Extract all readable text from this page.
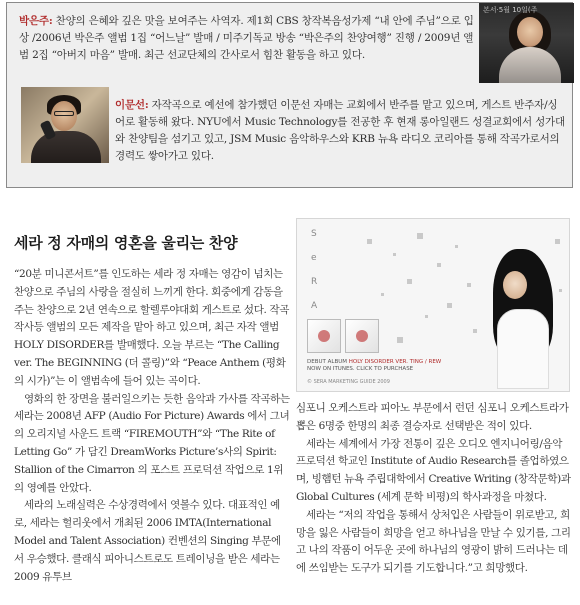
박은주: 찬양의 은혜와 깊은 맛을 보여주는 사역자. 제1회 CBS 창작복음성가제 “내 안에 주님”으로 입상 /2006년 박은주 앨범 1집 “어느날” 발매 / 미주기독교 방송 “박은주의 찬양여행” 진행 / 2009년 앨범 2집 “아버지 마음” 발매. 최근 선교단체의 간사로서 힘찬 활동을 하고 있다.
본서·5월 10일(주
이문선: 자작곡으로 예선에 참가했던 이문선 자매는 교회에서 반주를 맡고 있으며, 게스트 반주자/싱어로 활동해 왔다. NYU에서 Music Technology를 전공한 후 현재 롱아일랜드 성결교회에서 성가대와 찬양팀을 섬기고 있고, JSM Music 음악하우스와 KRB 뉴욕 라디오 코리아를 통해 작곡가로서의 경력도 쌓아가고 있다.
세라 정 자매의 영혼을 울리는 찬양	S
e
R
A
DEBUT ALBUM HOLY DISORDER VER. TING / REW
NOW ON ITUNES. CLICK TO PURCHASE
© SERA MARKETING GUIDE 2009

“20분 미니콘서트”를 인도하는 세라 정 자매는 영감이 넘치는 찬양으로 주님의 사랑을 절실히 느끼게 한다. 회중에게 감동을 주는 찬양으로 2년 연속으로 할렐루야대회 게스트로 섰다. 작곡 작사등 앨범의 모든 제작을 맡아 하고 있으며, 최근 자작 앨범 HOLY DISORDER를 발매했다. 오늘 부르는 “The Calling ver. The BEGINNING (더 콜링)”와 “Peace Anthem (평화의 시가)”는 이 앨범속에 들어 있는 곡이다.

영화의 한 장면을 불러일으키는 듯한 음악과 가사를 작곡하는 세라는 2008년 AFP (Audio For Picture) Awards 에서 그녀의 오리지널 사운드 트랙 “FIREMOUTH”와 “The Rite of Letting Go” 가 담긴 DreamWorks Picture’s사의 Spirit: Stallion of the Cimarron 의 포스트 프로덕션 작업으로 1위의 영예를 안았다.

세라의 노래실력은 수상경력에서 엿볼수 있다. 대표적인 예로, 세라는 헐리웃에서 개최된 2006 IMTA(International Model and Talent Association) 컨벤션의 Singing 부문에서 우승했다. 클래식 피아니스트로도 트레이닝을 받은 세라는 2009 유투브

심포니 오케스트라 피아노 부문에서 런던 심포니 오케스트라가 뽑은 6명중 한명의 최종 결승자로 선택받은 적이 있다.

세라는 세계에서 가장 전통이 깊은 오디오 엔지니어링/음악 프로덕션 학교인 Institute of Audio Research를 졸업하였으며, 빙햄턴 뉴욕 주립대학에서 Creative Writing (창작문학)과 Global Cultures (세계 문학 비평)의 학사과정을 마쳤다.

세라는 “저의 작업을 통해서 상처입은 사람들이 위로받고, 희망을 잃은 사람들이 희망을 얻고 하나님을 만날 수 있기를, 그리고 나의 작품이 어두운 곳에 하나님의 영광이 밝히 드러나는 데에 쓰임받는 도구가 되기를 기도합니다.”고 희망했다.
